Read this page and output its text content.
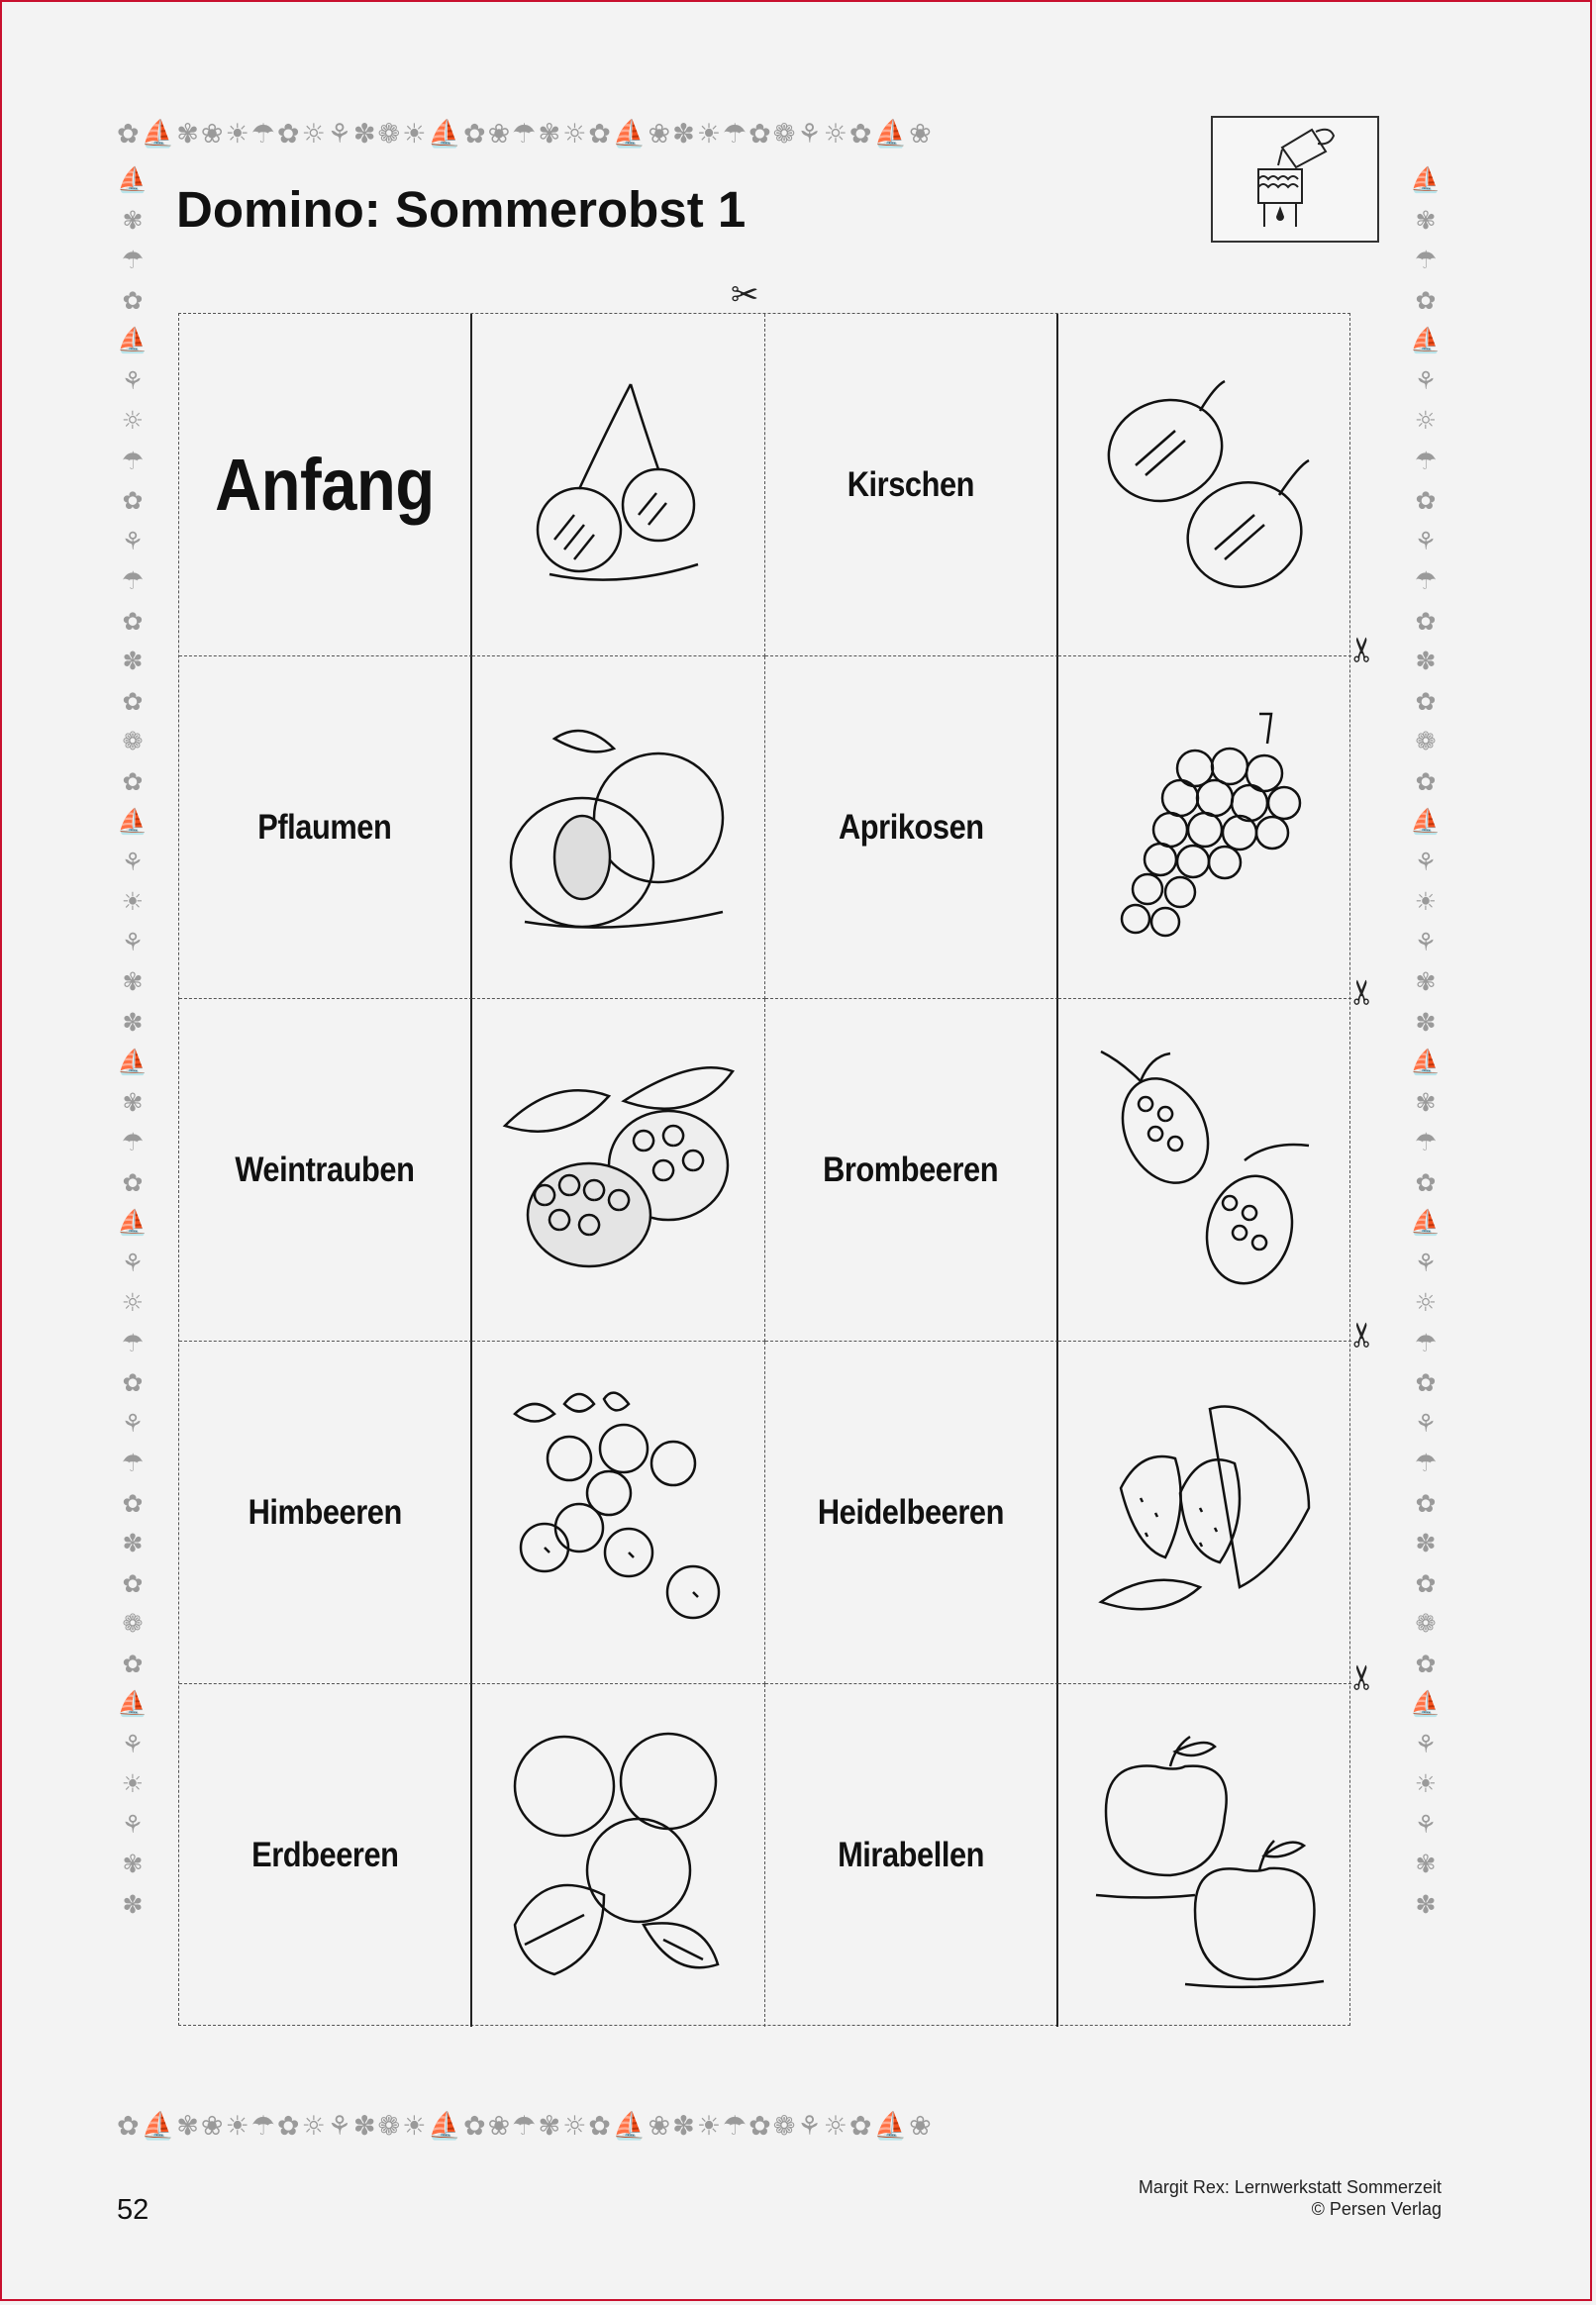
✿⛵✾❀☀☂✿☼⚘✽❁☀⛵✿❀☂✾☼✿⛵❀✽☀☂✿❁⚘☼✿⛵❀
✿⛵✾❀☀☂✿☼⚘✽❁☀⛵✿❀☂✾☼✿⛵❀✽☀☂✿❁⚘☼✿⛵❀
⛵✾☂✿⛵⚘☼☂✿⚘☂✿✽✿❁✿⛵⚘☀⚘✾✽⛵✾☂✿⛵⚘☼☂✿⚘☂✿✽✿❁✿⛵⚘☀⚘✾✽
⛵✾☂✿⛵⚘☼☂✿⚘☂✿✽✿❁✿⛵⚘☀⚘✾✽⛵✾☂✿⛵⚘☼☂✿⚘☂✿✽✿❁✿⛵⚘☀⚘✾✽
Domino: Sommerobst 1
Anfang	Kirschen
Pflaumen	Aprikosen
Weintrauben	Brombeeren
Himbeeren	Heidelbeeren
Erdbeeren	Mirabellen
✂
✂
✂
✂
✂
52
Margit Rex: Lernwerkstatt Sommerzeit
© Persen Verlag
